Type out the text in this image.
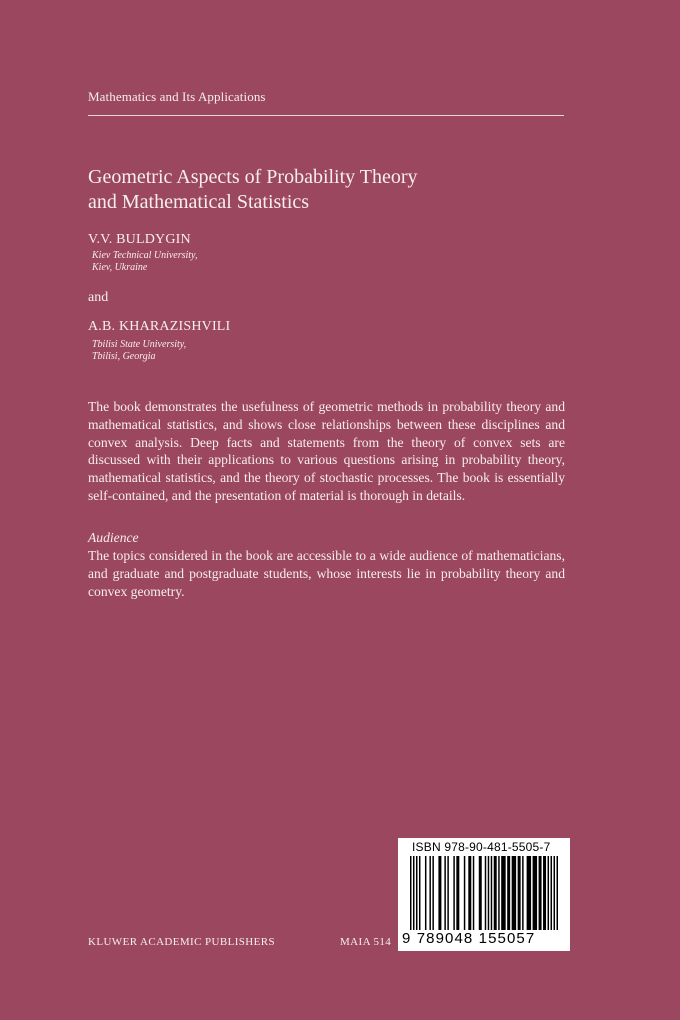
Mathematics and Its Applications
Geometric Aspects of Probability Theory
and Mathematical Statistics
V.V. BULDYGIN
Kiev Technical University,
Kiev, Ukraine
and
A.B. KHARAZISHVILI
Tbilisi State University,
Tbilisi, Georgia
The book demonstrates the usefulness of geometric methods in probability theory and mathematical statistics, and shows close relationships between these disciplines and convex analysis. Deep facts and statements from the theory of convex sets are discussed with their applications to various questions arising in probability theory, mathematical statistics, and the theory of stochastic processes. The book is essentially self-contained, and the presentation of material is thorough in details.
Audience
The topics considered in the book are accessible to a wide audience of mathematicians, and graduate and postgraduate students, whose interests lie in probability theory and convex geometry.
KLUWER ACADEMIC PUBLISHERS	MAIA 514
ISBN 978-90-481-5505-7
9 789048 155057
